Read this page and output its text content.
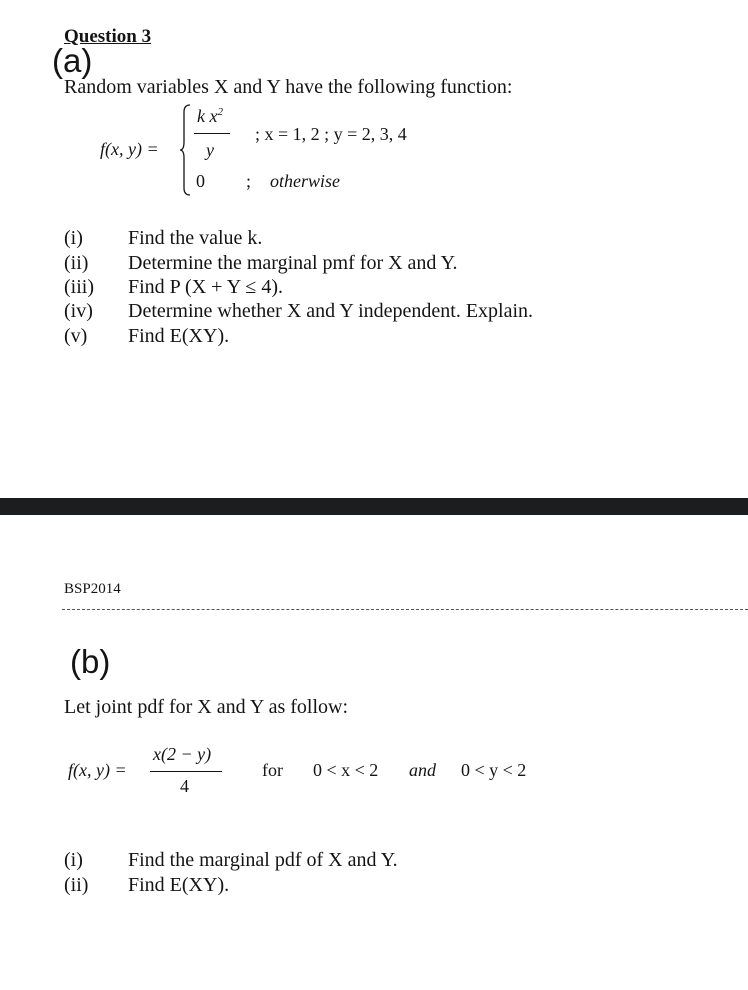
Question 3
(a)
Random variables X and Y have the following function:
f(x, y) =
k $x^2$
y
; x = 1, 2 ; y = 2, 3, 4
0 ; otherwise
(i) Find the value k.
(ii) Determine the marginal pmf for X and Y.
(iii) Find P (X + Y ≤ 4).
(iv) Determine whether X and Y independent. Explain.
(v) Find E(XY).
BSP2014
(b)
Let joint pdf for X and Y as follow:
f(x, y) =
x(2 − y)
4
for 0 < x < 2 and 0 < y < 2
(i) Find the marginal pdf of X and Y.
(ii) Find E(XY).
